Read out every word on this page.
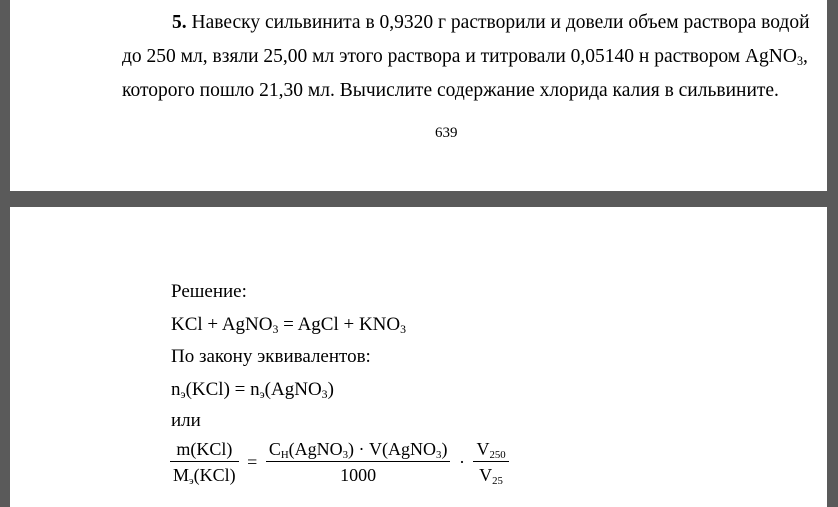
5. Навеску сильвинита в 0,9320 г растворили и довели объем раствора водой
до 250 мл, взяли 25,00 мл этого раствора и титровали 0,05140 н раствором AgNO$_3$,
которого пошло 21,30 мл. Вычислите содержание хлорида калия в сильвините.
639
Решение:
KCl + AgNO$_3$ = AgCl + $KNO_3$
По закону эквивалентов:
$n_э(KCl)$ = $n_э(AgNO_3)$
или
$\frac{\text{m(KCl)}}{\text{Mэ(KCl)}} = \frac{\text{CН(AgNO3) · V(AgNO3)}}{1000} \cdot \frac{V250}{V25}$
